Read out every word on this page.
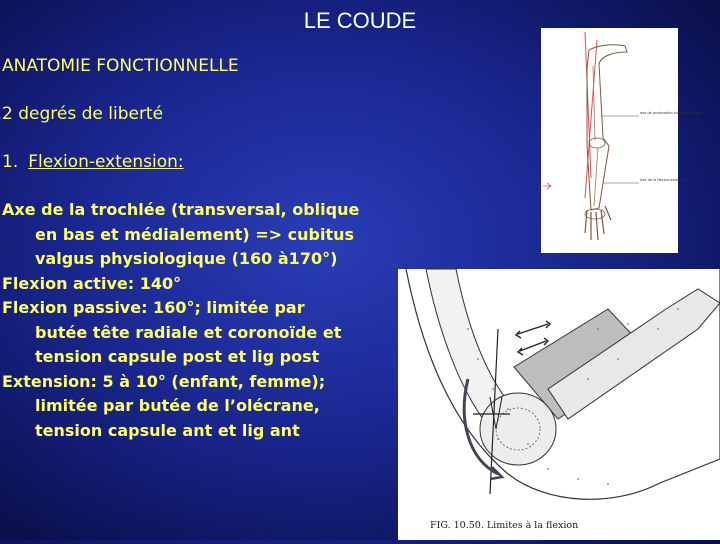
LE COUDE
ANATOMIE FONCTIONNELLE
2 degrés de liberté
1. Flexion-extension:

Axe de la trochlée (transversal, oblique en bas et médialement) => cubitus valgus physiologique (160 à170°)

Flexion active: 140°

Flexion passive: 160°; limitée par butée tête radiale et coronoïde et tension capsule post et lig post

Extension: 5 à 10° (enfant, femme); limitée par butée de l’olécrane, tension capsule ant et lig ant

axe de prolonation huméro-ulnaire
Axe de la flexion-extension
FIG. 10.50. Limites à la flexion
